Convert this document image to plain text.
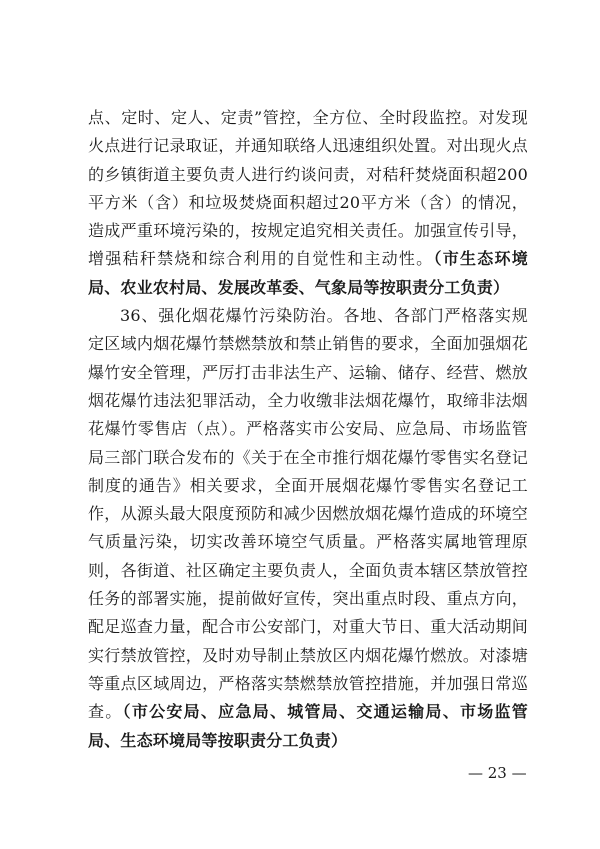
点、定时、定人、定责”管控，全方位、全时段监控。对发现火点进行记录取证，并通知联络人迅速组织处置。对出现火点的乡镇街道主要负责人进行约谈问责，对秸秆焚烧面积超200平方米（含）和垃圾焚烧面积超过20平方米（含）的情况，造成严重环境污染的，按规定追究相关责任。加强宣传引导，增强秸秆禁烧和综合利用的自觉性和主动性。（市生态环境局、农业农村局、发展改革委、气象局等按职责分工负责）

36、强化烟花爆竹污染防治。各地、各部门严格落实规定区域内烟花爆竹禁燃禁放和禁止销售的要求，全面加强烟花爆竹安全管理，严厉打击非法生产、运输、储存、经营、燃放烟花爆竹违法犯罪活动，全力收缴非法烟花爆竹，取缔非法烟花爆竹零售店（点）。严格落实市公安局、应急局、市场监管局三部门联合发布的《关于在全市推行烟花爆竹零售实名登记制度的通告》相关要求，全面开展烟花爆竹零售实名登记工作，从源头最大限度预防和减少因燃放烟花爆竹造成的环境空气质量污染，切实改善环境空气质量。严格落实属地管理原则，各街道、社区确定主要负责人，全面负责本辖区禁放管控任务的部署实施，提前做好宣传，突出重点时段、重点方向，配足巡查力量，配合市公安部门，对重大节日、重大活动期间实行禁放管控，及时劝导制止禁放区内烟花爆竹燃放。对漆塘等重点区域周边，严格落实禁燃禁放管控措施，并加强日常巡查。（市公安局、应急局、城管局、交通运输局、市场监管局、生态环境局等按职责分工负责）

— 23 —
